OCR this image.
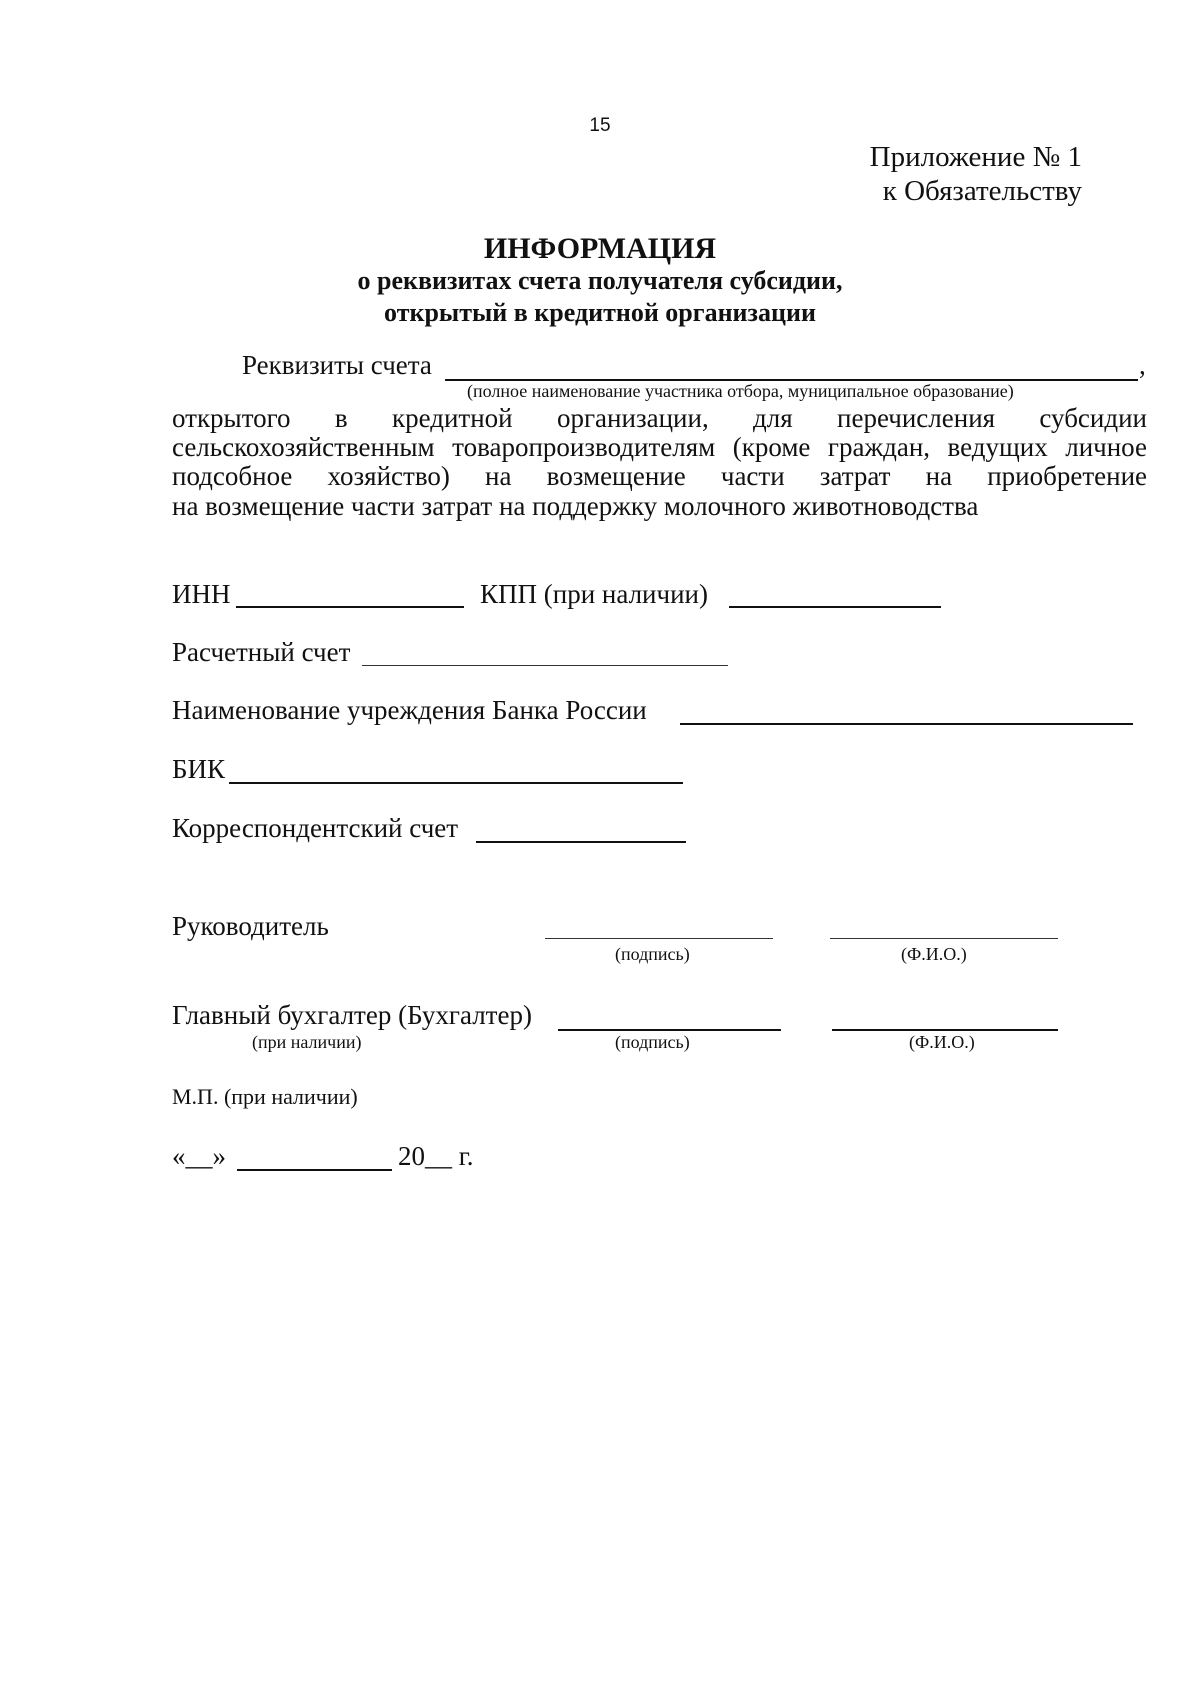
15
Приложение № 1
к Обязательству
ИНФОРМАЦИЯ
о реквизитах счета получателя субсидии,
открытый в кредитной организации
Реквизиты счета	,
(полное наименование участника отбора, муниципальное образование)
открытого в кредитной организации, для перечисления субсидии
сельскохозяйственным товаропроизводителям (кроме граждан, ведущих личное
подсобное хозяйство) на возмещение части затрат на приобретение
на возмещение части затрат на поддержку молочного животноводства
ИНН	КПП (при наличии)
Расчетный счет
Наименование учреждения Банка России
БИК
Корреспондентский счет
Руководитель
(подпись)	(Ф.И.О.)
Главный бухгалтер (Бухгалтер)
(при наличии)	(подпись)	(Ф.И.О.)
М.П. (при наличии)
«__»	20__ г.
